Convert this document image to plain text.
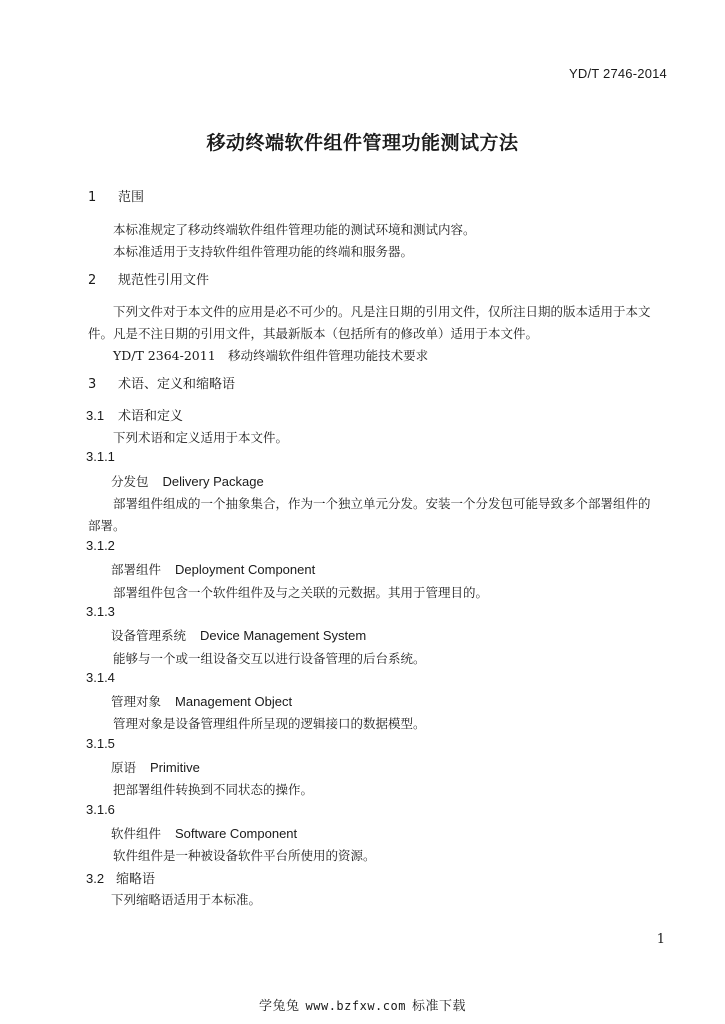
YD/T 2746-2014
移动终端软件组件管理功能测试方法
1 范围
本标准规定了移动终端软件组件管理功能的测试环境和测试内容。
本标准适用于支持软件组件管理功能的终端和服务器。
2 规范性引用文件
下列文件对于本文件的应用是必不可少的。凡是注日期的引用文件，仅所注日期的版本适用于本文
件。凡是不注日期的引用文件，其最新版本（包括所有的修改单）适用于本文件。
YD/T 2364-2011　移动终端软件组件管理功能技术要求
3 术语、定义和缩略语
3.1 术语和定义
下列术语和定义适用于本文件。
3.1.1
分发包 Delivery Package
部署组件组成的一个抽象集合，作为一个独立单元分发。安装一个分发包可能导致多个部署组件的
部署。
3.1.2
部署组件 Deployment Component
部署组件包含一个软件组件及与之关联的元数据。其用于管理目的。
3.1.3
设备管理系统 Device Management System
能够与一个或一组设备交互以进行设备管理的后台系统。
3.1.4
管理对象 Management Object
管理对象是设备管理组件所呈现的逻辑接口的数据模型。
3.1.5
原语 Primitive
把部署组件转换到不同状态的操作。
3.1.6
软件组件 Software Component
软件组件是一种被设备软件平台所使用的资源。
3.2 缩略语
下列缩略语适用于本标准。
1
学兔兔 www.bzfxw.com 标准下载
